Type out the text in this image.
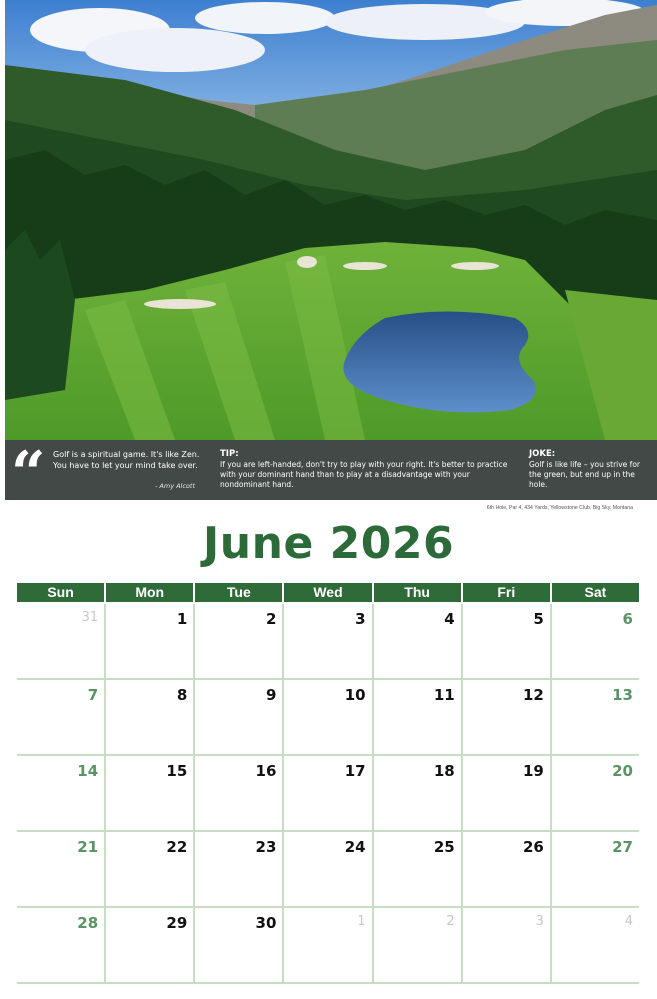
“ Golf is a spiritual game. It's like Zen. You have to let your mind take over.
- Amy Alcott
TIP:
If you are left-handed, don't try to play with your right. It's better to practice with your dominant hand than to play at a disadvantage with your nondominant hand.
JOKE:
Golf is like life – you strive for the green, but end up in the hole.
6th Hole, Par 4, 434 Yards, Yellowstone Club, Big Sky, Montana
June 2026
Sun	Mon	Tue	Wed	Thu	Fri	Sat
31	1	2	3	4	5	6
7	8	9	10	11	12	13
14	15	16	17	18	19	20
21	22	23	24	25	26	27
28	29	30	1	2	3	4
